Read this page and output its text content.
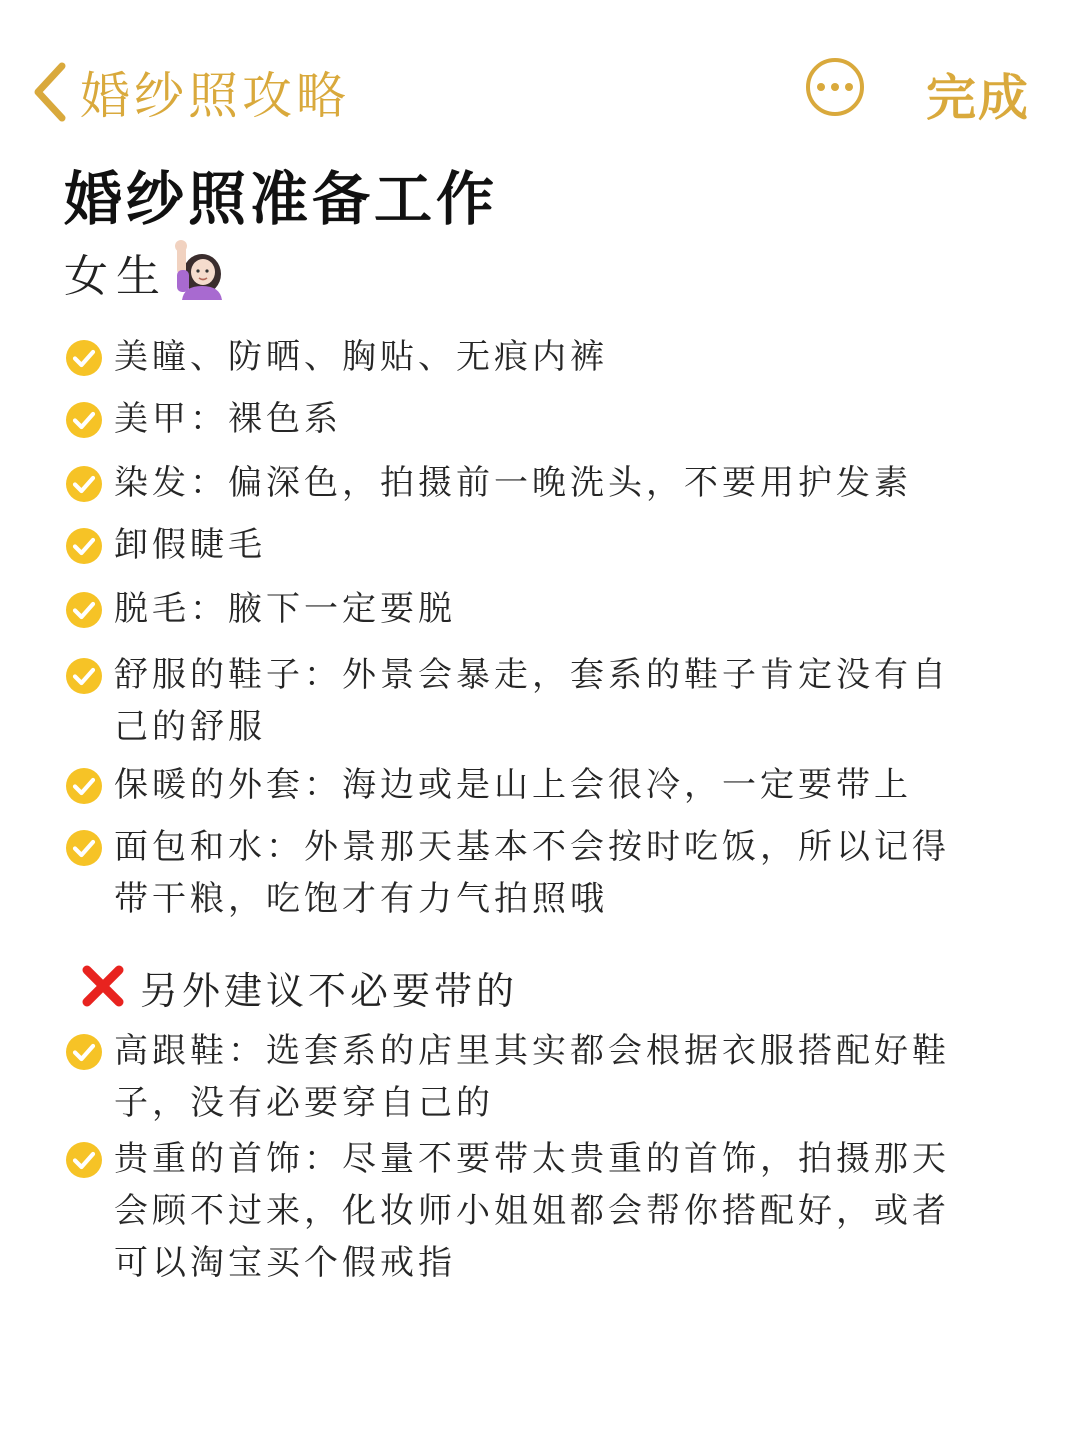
婚纱照攻略	完成
婚纱照准备工作
女生
美瞳、防晒、胸贴、无痕内裤
美甲：裸色系
染发：偏深色，拍摄前一晚洗头，不要用护发素
卸假睫毛
脱毛：腋下一定要脱
舒服的鞋子：外景会暴走，套系的鞋子肯定没有自
己的舒服
保暖的外套：海边或是山上会很冷，一定要带上
面包和水：外景那天基本不会按时吃饭，所以记得
带干粮，吃饱才有力气拍照哦
另外建议不必要带的
高跟鞋：选套系的店里其实都会根据衣服搭配好鞋
子，没有必要穿自己的
贵重的首饰：尽量不要带太贵重的首饰，拍摄那天
会顾不过来，化妆师小姐姐都会帮你搭配好，或者
可以淘宝买个假戒指
